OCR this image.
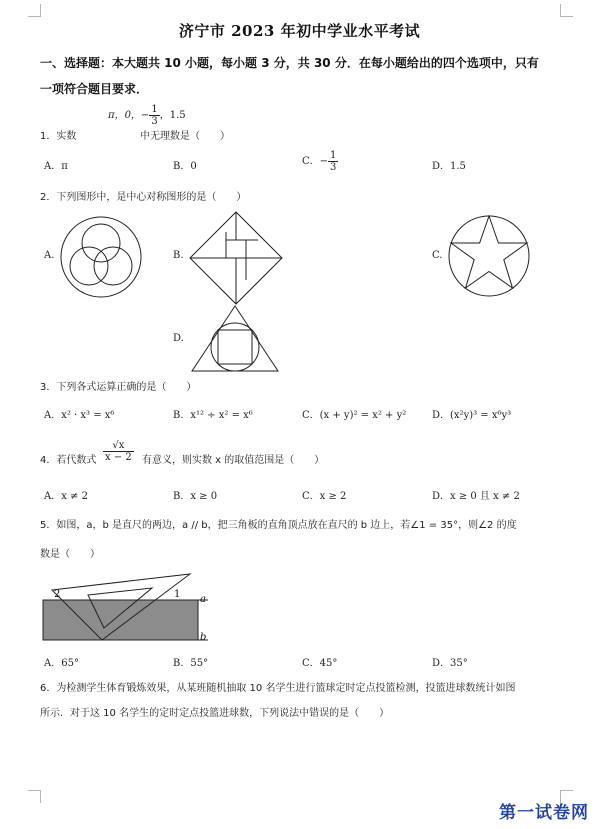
济宁市 2023 年初中学业水平考试
一、选择题：本大题共 10 小题，每小题 3 分，共 30 分．在每小题给出的四个选项中，只有
一项符合题目要求．
π，0，− $\frac{1}{3}$ ，1.5
1．实数	中无理数是（　　）
A．π	B．0	C．− $\frac{1}{3}$	D．1.5
2．下列图形中，是中心对称图形的是（　　）
A.	B.	C.
D.
3．下列各式运算正确的是（　　）
A．x² · x³ = x⁶	B．x¹² ÷ x² = x⁶	C．(x + y)² = x² + y²	D．(x²y)³ = x⁶y³
4．若代数式 $\frac{√x}{x - 2}$ 有意义，则实数 x 的取值范围是（　　）
A．x ≠ 2	B．x ≥ 0	C．x ≥ 2	D．x ≥ 0 且 x ≠ 2
5．如图，a，b 是直尺的两边，a // b，把三角板的直角顶点放在直尺的 b 边上，若∠1 = 35°，则∠2 的度
数是（　　）
2	1 a
b
A．65°	B．55°	C．45°	D．35°
6．为检测学生体育锻炼效果，从某班随机抽取 10 名学生进行篮球定时定点投篮检测，投篮进球数统计如图
所示．对于这 10 名学生的定时定点投篮进球数，下列说法中错误的是（　　）
第一试卷网
